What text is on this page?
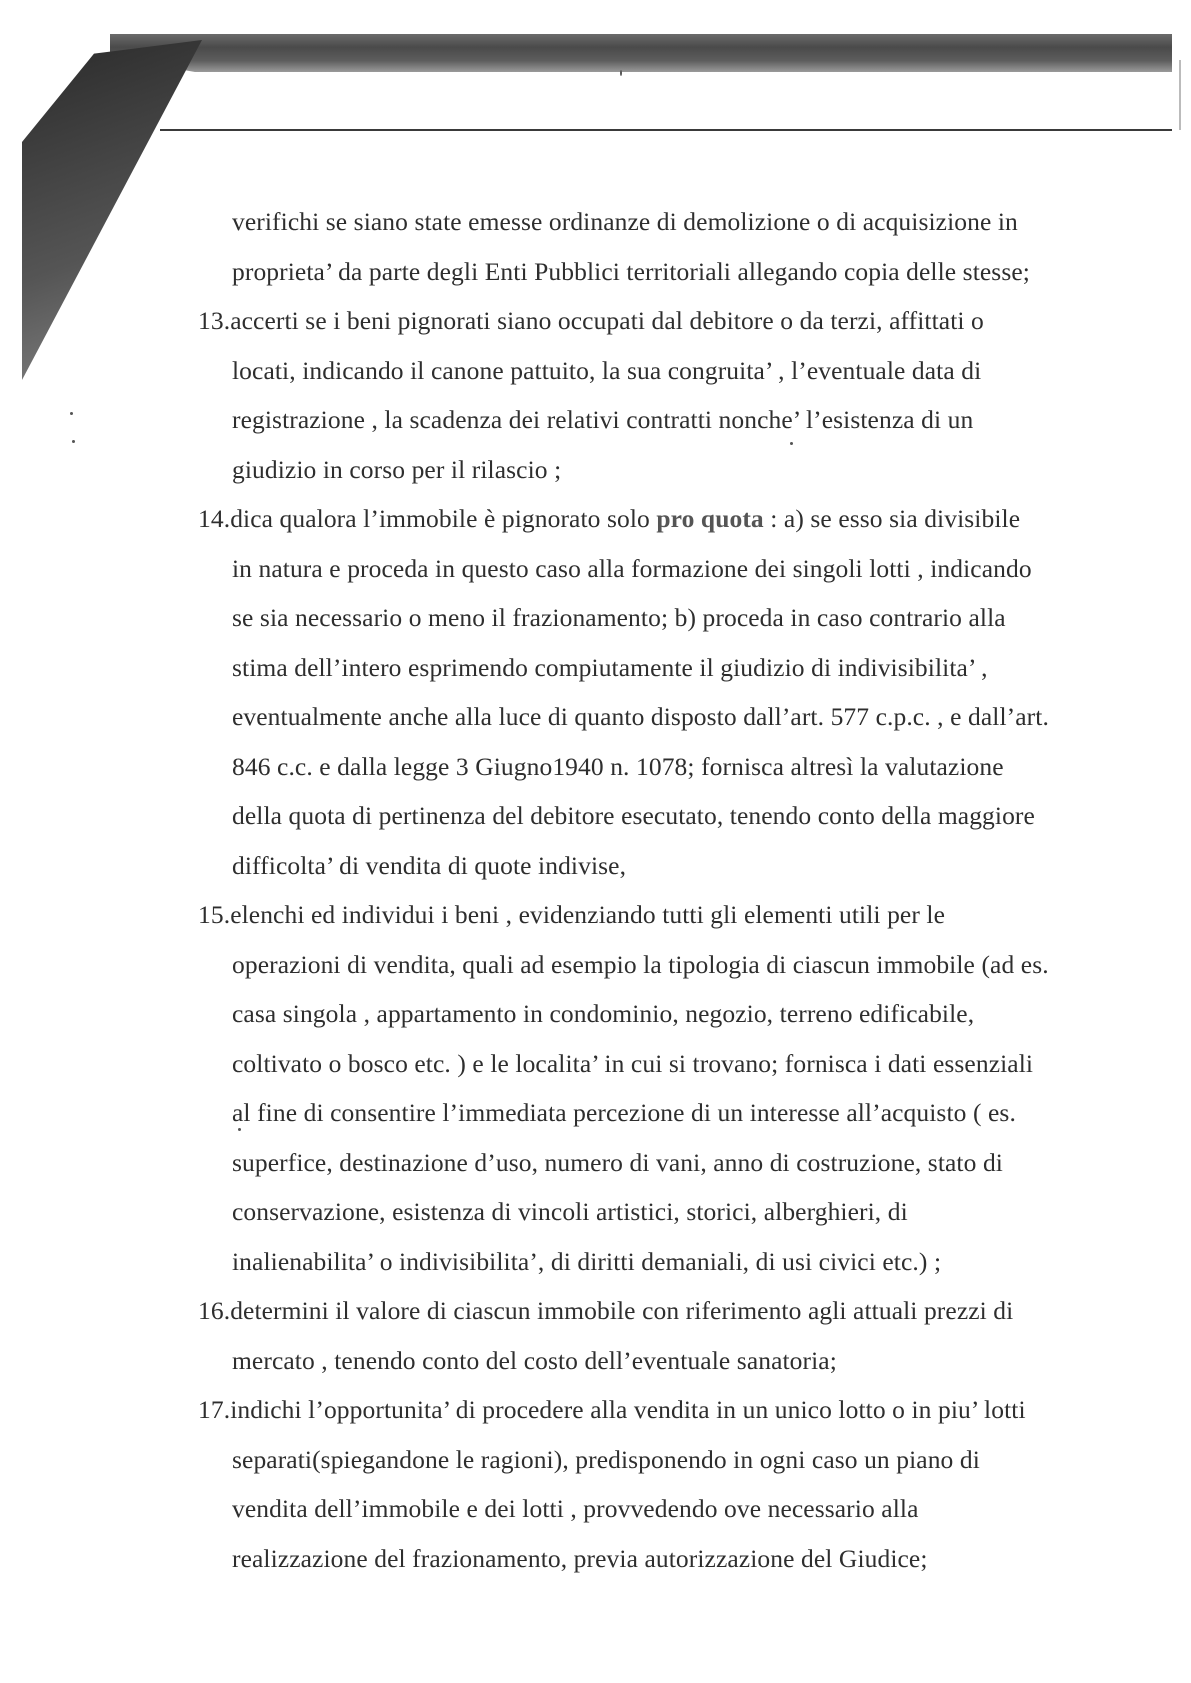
verifichi se siano state emesse ordinanze di demolizione o di acquisizione in
proprieta’ da parte degli Enti Pubblici territoriali allegando copia delle stesse;
13.accerti se i beni pignorati siano occupati dal debitore o da terzi, affittati o
locati, indicando il canone pattuito, la sua congruita’ , l’eventuale data di
registrazione , la scadenza dei relativi contratti nonche’ l’esistenza di un
giudizio in corso per il rilascio ;
14.dica qualora l’immobile è pignorato solo pro quota : a) se esso sia divisibile
in natura e proceda in questo caso alla formazione dei singoli lotti , indicando
se sia necessario o meno il frazionamento; b) proceda in caso contrario alla
stima dell’intero esprimendo compiutamente il giudizio di indivisibilita’ ,
eventualmente anche alla luce di quanto disposto dall’art. 577 c.p.c. , e dall’art.
846 c.c. e dalla legge 3 Giugno1940 n. 1078; fornisca altresì la valutazione
della quota di pertinenza del debitore esecutato, tenendo conto della maggiore
difficolta’ di vendita di quote indivise,
15.elenchi ed individui i beni , evidenziando tutti gli elementi utili per le
operazioni di vendita, quali ad esempio la tipologia di ciascun immobile (ad es.
casa singola , appartamento in condominio, negozio, terreno edificabile,
coltivato o bosco etc. ) e le localita’ in cui si trovano; fornisca i dati essenziali
al fine di consentire l’immediata percezione di un interesse all’acquisto ( es.
superfice, destinazione d’uso, numero di vani, anno di costruzione, stato di
conservazione, esistenza di vincoli artistici, storici, alberghieri, di
inalienabilita’ o indivisibilita’, di diritti demaniali, di usi civici etc.) ;
16.determini il valore di ciascun immobile con riferimento agli attuali prezzi di
mercato , tenendo conto del costo dell’eventuale sanatoria;
17.indichi l’opportunita’ di procedere alla vendita in un unico lotto o in piu’ lotti
separati(spiegandone le ragioni), predisponendo in ogni caso un piano di
vendita dell’immobile e dei lotti , provvedendo ove necessario alla
realizzazione del frazionamento, previa autorizzazione del Giudice;
